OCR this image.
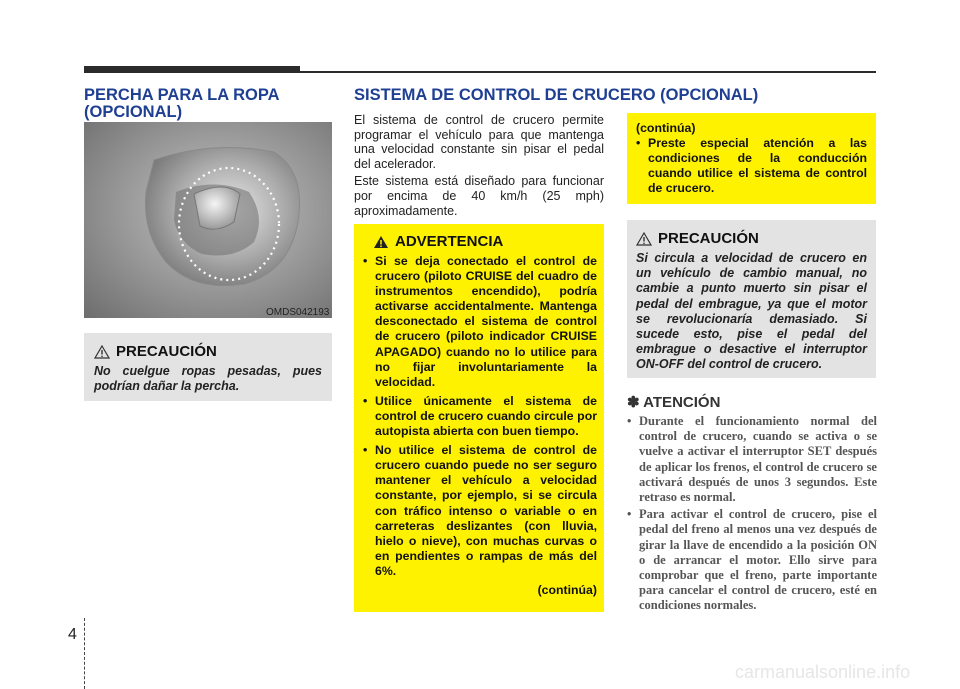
PERCHA PARA LA ROPA (OPCIONAL)
OMDS042193
PRECAUCIÓN
No cuelgue ropas pesadas, pues podrían dañar la percha.
SISTEMA DE CONTROL DE CRUCERO (OPCIONAL)

El sistema de control de crucero permite programar el vehículo para que mantenga una velocidad constante sin pisar el pedal del acelerador.

Este sistema está diseñado para funcionar por encima de 40 km/h (25 mph) aproximadamente.

ADVERTENCIA
• Si se deja conectado el control de crucero (piloto CRUISE del cuadro de instrumentos encendido), podría activarse accidentalmente. Mantenga desconectado el sistema de control de crucero (piloto indicador CRUISE APAGADO) cuando no lo utilice para no fijar involuntariamente la velocidad.
• Utilice únicamente el sistema de control de crucero cuando circule por autopista abierta con buen tiempo.
• No utilice el sistema de control de crucero cuando puede no ser seguro mantener el vehículo a velocidad constante, por ejemplo, si se circula con tráfico intenso o variable o en carreteras deslizantes (con lluvia, hielo o nieve), con muchas curvas o en pendientes o rampas de más del 6%.
(continúa)
(continúa)
• Preste especial atención a las condiciones de la conducción cuando utilice el sistema de control de crucero.
PRECAUCIÓN
Si circula a velocidad de crucero en un vehículo de cambio manual, no cambie a punto muerto sin pisar el pedal del embrague, ya que el motor se revolucionaría demasiado. Si sucede esto, pise el pedal del embrague o desactive el interruptor ON-OFF del control de crucero.
✽ ATENCIÓN
• Durante el funcionamiento normal del control de crucero, cuando se activa o se vuelve a activar el interruptor SET después de aplicar los frenos, el control de crucero se activará después de unos 3 segundos. Este retraso es normal.
• Para activar el control de crucero, pise el pedal del freno al menos una vez después de girar la llave de encendido a la posición ON o de arrancar el motor. Ello sirve para comprobar que el freno, parte importante para cancelar el control de crucero, esté en condiciones normales.
4
carmanualsonline.info
